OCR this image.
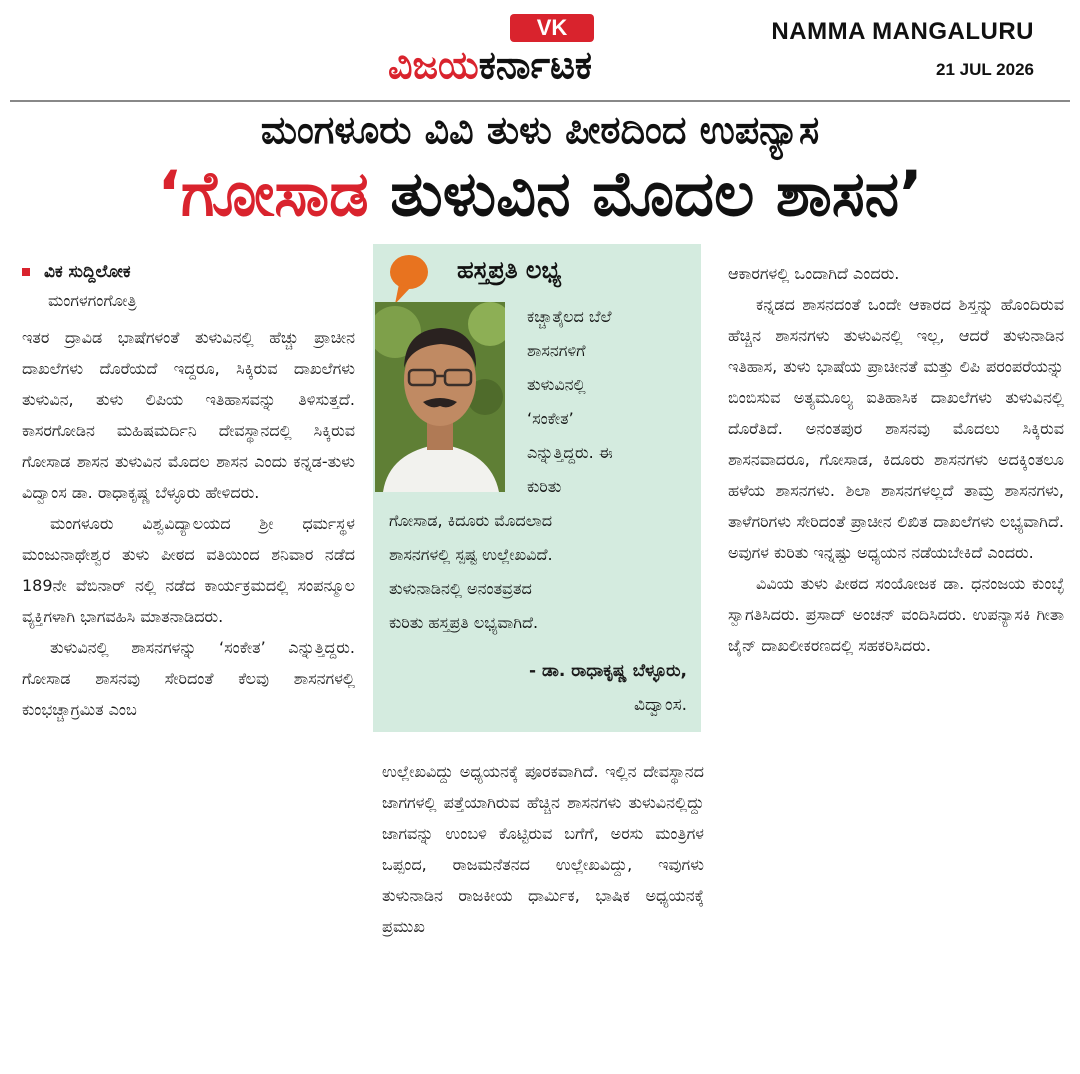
VK
ವಿಜಯಕರ್ನಾಟಕ
NAMMA MANGALURU
21 JUL 2026
ಮಂಗಳೂರು ವಿವಿ ತುಳು ಪೀಠದಿಂದ ಉಪನ್ಯಾಸ
‘ಗೋಸಾಡ ತುಳುವಿನ ಮೊದಲ ಶಾಸನ’
ವಿಕ ಸುದ್ದಿಲೋಕ
ಮಂಗಳಗಂಗೋತ್ರಿ

ಇತರ ದ್ರಾವಿಡ ಭಾಷೆಗಳಂತೆ ತುಳುವಿನಲ್ಲಿ ಹೆಚ್ಚು ಪ್ರಾಚೀನ ದಾಖಲೆಗಳು ದೊರೆಯದೆ ಇದ್ದರೂ, ಸಿಕ್ಕಿರುವ ದಾಖಲೆಗಳು ತುಳುವಿನ, ತುಳು ಲಿಪಿಯ ಇತಿಹಾಸವನ್ನು ತಿಳಿಸುತ್ತದೆ. ಕಾಸರಗೋಡಿನ ಮಹಿಷಮರ್ದಿನಿ ದೇವಸ್ಥಾನದಲ್ಲಿ ಸಿಕ್ಕಿರುವ ಗೋಸಾಡ ಶಾಸನ ತುಳುವಿನ ಮೊದಲ ಶಾಸನ ಎಂದು ಕನ್ನಡ-ತುಳು ವಿದ್ವಾಂಸ ಡಾ. ರಾಧಾಕೃಷ್ಣ ಬೆಳ್ಳೂರು ಹೇಳಿದರು.

ಮಂಗಳೂರು ವಿಶ್ವವಿದ್ಯಾಲಯದ ಶ್ರೀ ಧರ್ಮಸ್ಥಳ ಮಂಜುನಾಥೇಶ್ವರ ತುಳು ಪೀಠದ ವತಿಯಿಂದ ಶನಿವಾರ ನಡೆದ 189ನೇ ವೆಬಿನಾರ್ ನಲ್ಲಿ ನಡೆದ ಕಾರ್ಯಕ್ರಮದಲ್ಲಿ ಸಂಪನ್ಮೂಲ ವ್ಯಕ್ತಿಗಳಾಗಿ ಭಾಗವಹಿಸಿ ಮಾತನಾಡಿದರು.

ತುಳುವಿನಲ್ಲಿ ಶಾಸನಗಳನ್ನು ‘ಸಂಕೇತ’ ಎನ್ನುತ್ತಿದ್ದರು. ಗೋಸಾಡ ಶಾಸನವು ಸೇರಿದಂತೆ ಕೆಲವು ಶಾಸನಗಳಲ್ಲಿ ಕುಂಭಚ್ಚಾಗ್ರಮಿತ ಎಂಬ

ಹಸ್ತಪ್ರತಿ ಲಭ್ಯ
ಕಚ್ಚಾತೈಲದ ಬೆಲೆ
ಶಾಸನಗಳಿಗೆ
ತುಳುವಿನಲ್ಲಿ
‘ಸಂಕೇತ’
ಎನ್ನುತ್ತಿದ್ದರು. ಈ
ಕುರಿತು
ಗೋಸಾಡ, ಕಿದೂರು ಮೊದಲಾದ
ಶಾಸನಗಳಲ್ಲಿ ಸ್ಪಷ್ಟ ಉಲ್ಲೇಖವಿದೆ.
ತುಳುನಾಡಿನಲ್ಲಿ ಅನಂತವ್ರತದ
ಕುರಿತು ಹಸ್ತಪ್ರತಿ ಲಭ್ಯವಾಗಿದೆ.
- ಡಾ. ರಾಧಾಕೃಷ್ಣ ಬೆಳ್ಳೂರು,
ವಿದ್ವಾಂಸ.

ಉಲ್ಲೇಖವಿದ್ದು ಅಧ್ಯಯನಕ್ಕೆ ಪೂರಕವಾಗಿದೆ. ಇಲ್ಲಿನ ದೇವಸ್ಥಾನದ ಜಾಗಗಳಲ್ಲಿ ಪತ್ತೆಯಾಗಿರುವ ಹೆಚ್ಚಿನ ಶಾಸನಗಳು ತುಳುವಿನಲ್ಲಿದ್ದು ಜಾಗವನ್ನು ಉಂಬಳಿ ಕೊಟ್ಟಿರುವ ಬಗೆಗೆ, ಅರಸು ಮಂತ್ರಿಗಳ ಒಪ್ಪಂದ, ರಾಜಮನೆತನದ ಉಲ್ಲೇಖವಿದ್ದು, ಇವುಗಳು ತುಳುನಾಡಿನ ರಾಜಕೀಯ ಧಾರ್ಮಿಕ, ಭಾಷಿಕ ಅಧ್ಯಯನಕ್ಕೆ ಪ್ರಮುಖ

ಆಕಾರಗಳಲ್ಲಿ ಒಂದಾಗಿದೆ ಎಂದರು.

ಕನ್ನಡದ ಶಾಸನದಂತೆ ಒಂದೇ ಆಕಾರದ ಶಿಸ್ತನ್ನು ಹೊಂದಿರುವ ಹೆಚ್ಚಿನ ಶಾಸನಗಳು ತುಳುವಿನಲ್ಲಿ ಇಲ್ಲ, ಆದರೆ ತುಳುನಾಡಿನ ಇತಿಹಾಸ, ತುಳು ಭಾಷೆಯ ಪ್ರಾಚೀನತೆ ಮತ್ತು ಲಿಪಿ ಪರಂಪರೆಯನ್ನು ಬಿಂಬಿಸುವ ಅತ್ಯಮೂಲ್ಯ ಐತಿಹಾಸಿಕ ದಾಖಲೆಗಳು ತುಳುವಿನಲ್ಲಿ ದೊರೆತಿದೆ. ಅನಂತಪುರ ಶಾಸನವು ಮೊದಲು ಸಿಕ್ಕಿರುವ ಶಾಸನವಾದರೂ, ಗೋಸಾಡ, ಕಿದೂರು ಶಾಸನಗಳು ಅದಕ್ಕಿಂತಲೂ ಹಳೆಯ ಶಾಸನಗಳು. ಶಿಲಾ ಶಾಸನಗಳಲ್ಲದೆ ತಾಮ್ರ ಶಾಸನಗಳು, ತಾಳೆಗರಿಗಳು ಸೇರಿದಂತೆ ಪ್ರಾಚೀನ ಲಿಖಿತ ದಾಖಲೆಗಳು ಲಭ್ಯವಾಗಿದೆ. ಅವುಗಳ ಕುರಿತು ಇನ್ನಷ್ಟು ಅಧ್ಯಯನ ನಡೆಯಬೇಕಿದೆ ಎಂದರು.

ವಿವಿಯ ತುಳು ಪೀಠದ ಸಂಯೋಜಕ ಡಾ. ಧನಂಜಯ ಕುಂಬ್ಳೆ ಸ್ವಾಗತಿಸಿದರು. ಪ್ರಸಾದ್ ಅಂಚನ್ ವಂದಿಸಿದರು. ಉಪನ್ಯಾಸಕಿ ಗೀತಾ ಜೈನ್ ದಾಖಲೀಕರಣದಲ್ಲಿ ಸಹಕರಿಸಿದರು.
